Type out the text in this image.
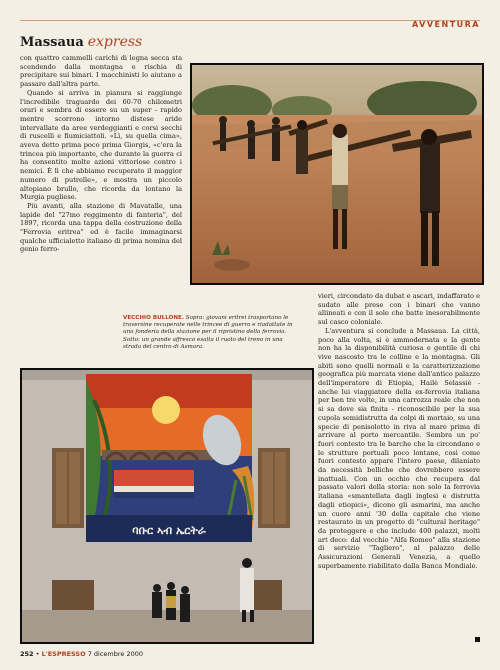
AVVENTURA
Massaua express

con quattro cammelli carichi di legna secca sta scendendo dalla montagna e rischia di precipitare sui binari. I macchinisti lo aiutano a passare dall'altra parte.

Quando si arriva in pianura si raggiunge l'incredibile traguardo dei 60-70 chilometri orari e sembra di essere su un super - rapido mentre scorrono intorno distese aride intervallate da aree verdeggianti e corsi secchi di ruscelli e fiumiciattoli. «Lì, su quella cima», aveva detto prima poco prima Giorgis, «c'era la trincea più importante, che durante la guerra ci ha consentito molte azioni vittoriose contro i nemici. È lì che abbiamo recuperato il maggior numero di putrelle», e mostra un piccolo altopiano brullo, che ricorda da lontano la Murgia pugliese.

Più avanti, alla stazione di Mavatalle, una lapide del "27mo reggimento di fanteria", del 1897, ricorda una tappa della costruzione della "Ferrovia eritrea" ed è facile immaginarsi qualche ufficialetto italiano di prima nomina del genio ferro-

VECCHIO BULLONE. Sopra: giovani eritrei trasportano le traversine recuperate nelle trincee di guerra e riadattate in una fonderia della stazione per il ripristino della ferrovia. Sotto: un grande affresco esalta il ruolo del treno in una strada del centro di Asmara.

vieri, circondato da dubat e ascari, indaffarato e sudato alle prese con i binari che vanno allineati e con il sole che batte inesorabilmente sul casco coloniale.

L'avventura si conclude a Massaua. La città, poco alla volta, si è ammodernata e la gente non ha la disponibilità curiosa e gentile di chi vive nascosto tra le colline e la montagna. Gli abiti sono quelli normali e la caratterizzazione geografica più marcata viene dall'antico palazzo dell'imperatore di Etiopia, Hailè Selassiè - anche lui viaggiatore della ex-ferrovia italiana per ben tre volte, in una carrozza reale che non si sa dove sia finita - riconoscibile per la sua cupola semidistrutta da colpi di mortaio, su una specie di penisolotto in riva al mare prima di arrivare al porto mercantile. Sembra un po' fuori contesto tra le barche che la circondano e le strutture portuali poco lontane, così come fuori contesto appare l'intero paese, dilaniato da necessità belliche che dovrebbero essere inattuali. Con un occhio che recupera dal passato valori della storia: non solo la ferrovia italiana «smantellata dagli inglesi e distrutta dagli etiopici», dicono gli asmarini, ma anche un cuore anni '30 della capitale che viene restaurato in un progetto di "cultural heritage" da proteggere e che include 400 palazzi, molti art deco: dal vecchio "Alfa Romeo" alla stazione di servizio "Tagliero", al palazzo delle Assicurazioni Generali Venezia, a quello superbamente riabilitato dalla Banca Mondiale.

ባቡር ኣብ ኤርትራ
252 • L'ESPRESSO 7 dicembre 2000
